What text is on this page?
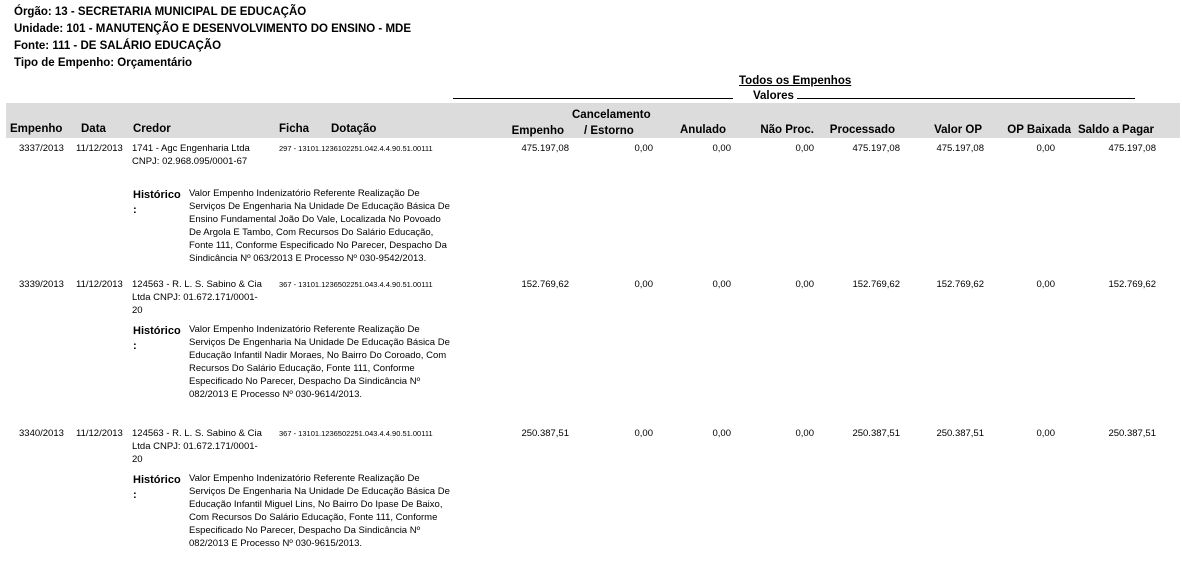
Órgão: 13 - SECRETARIA MUNICIPAL DE EDUCAÇÃO
Unidade: 101 - MANUTENÇÃO E DESENVOLVIMENTO DO ENSINO - MDE
Fonte: 111 - DE SALÁRIO EDUCAÇÃO
Tipo de Empenho: Orçamentário
Todos os Empenhos
Valores
Empenho Data Credor	Ficha Dotação	Empenho
Cancelamento
/ Estorno	Anulado	Não Proc.	Processado	Valor OP	OP Baixada Saldo a Pagar
3337/2013 11/12/2013 1741 - Agc Engenharia Ltda
CNPJ: 02.968.095/0001-67
297 - 13101.1236102251.042.4.4.90.51.00111	475.197,08	0,00	0,00	0,00	475.197,08	475.197,08	0,00	475.197,08
Histórico
:
Valor Empenho Indenizatório Referente Realização De
Serviços De Engenharia Na Unidade De Educação Básica De
Ensino Fundamental João Do Vale, Localizada No Povoado
De Argola E Tambo, Com Recursos Do Salário Educação,
Fonte 111, Conforme Especificado No Parecer, Despacho Da
Sindicância Nº 063/2013 E Processo Nº 030-9542/2013.
3339/2013 11/12/2013 124563 - R. L. S. Sabino & Cia
Ltda CNPJ: 01.672.171/0001-
20
367 - 13101.1236502251.043.4.4.90.51.00111	152.769,62	0,00	0,00	0,00	152.769,62	152.769,62	0,00	152.769,62
Histórico
:
Valor Empenho Indenizatório Referente Realização De
Serviços De Engenharia Na Unidade De Educação Básica De
Educação Infantil Nadir Moraes, No Bairro Do Coroado, Com
Recursos Do Salário Educação, Fonte 111, Conforme
Especificado No Parecer, Despacho Da Sindicância Nº
082/2013 E Processo Nº 030-9614/2013.
3340/2013 11/12/2013 124563 - R. L. S. Sabino & Cia
Ltda CNPJ: 01.672.171/0001-
20
367 - 13101.1236502251.043.4.4.90.51.00111	250.387,51	0,00	0,00	0,00	250.387,51	250.387,51	0,00	250.387,51
Histórico
:
Valor Empenho Indenizatório Referente Realização De
Serviços De Engenharia Na Unidade De Educação Básica De
Educação Infantil Miguel Lins, No Bairro Do Ipase De Baixo,
Com Recursos Do Salário Educação, Fonte 111, Conforme
Especificado No Parecer, Despacho Da Sindicância Nº
082/2013 E Processo Nº 030-9615/2013.
